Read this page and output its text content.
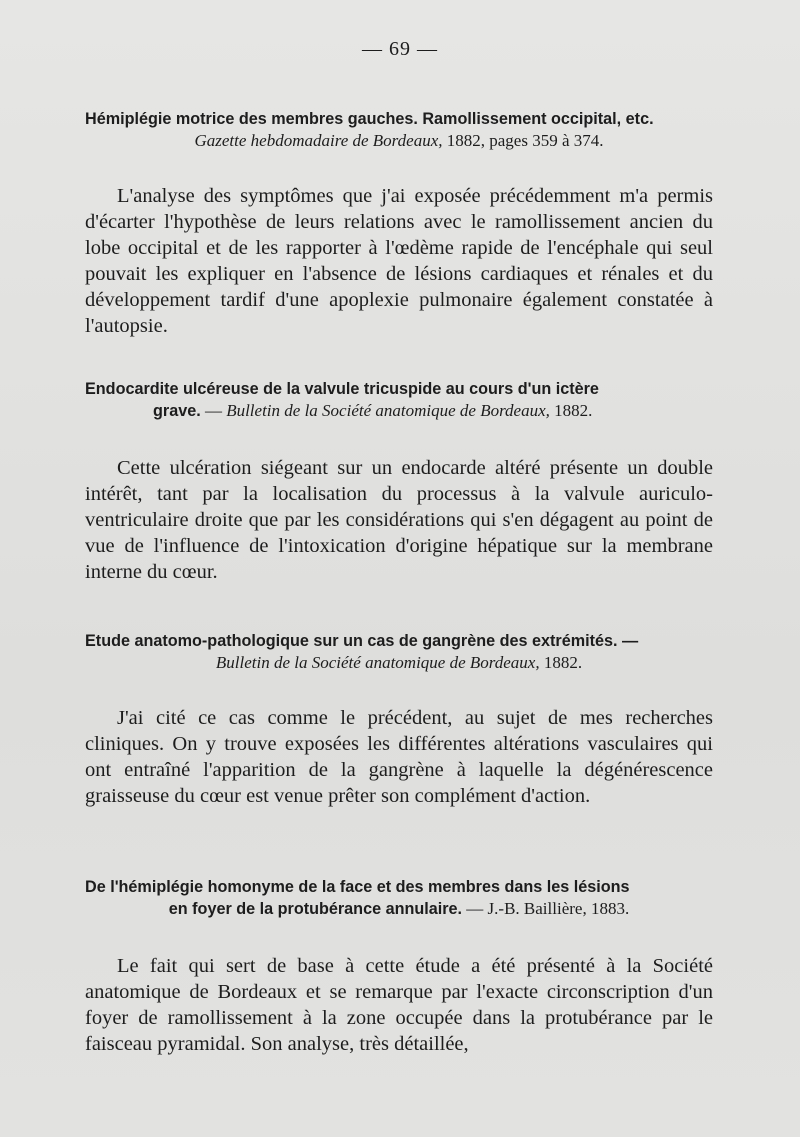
— 69 —

Hémiplégie motrice des membres gauches. Ramollissement occipital, etc.

Gazette hebdomadaire de Bordeaux, 1882, pages 359 à 374.

L'analyse des symptômes que j'ai exposée précédemment m'a permis d'écarter l'hypothèse de leurs relations avec le ramollissement ancien du lobe occipital et de les rapporter à l'œdème rapide de l'encéphale qui seul pouvait les expliquer en l'absence de lésions cardiaques et rénales et du développement tardif d'une apoplexie pulmonaire également constatée à l'autopsie.

Endocardite ulcéreuse de la valvule tricuspide au cours d'un ictère

grave. — Bulletin de la Société anatomique de Bordeaux, 1882.

Cette ulcération siégeant sur un endocarde altéré présente un double intérêt, tant par la localisation du processus à la valvule auriculo-ventriculaire droite que par les considérations qui s'en dégagent au point de vue de l'influence de l'intoxication d'origine hépatique sur la membrane interne du cœur.

Etude anatomo-pathologique sur un cas de gangrène des extrémités. —

Bulletin de la Société anatomique de Bordeaux, 1882.

J'ai cité ce cas comme le précédent, au sujet de mes recherches cliniques. On y trouve exposées les différentes altérations vasculaires qui ont entraîné l'apparition de la gangrène à laquelle la dégénérescence graisseuse du cœur est venue prêter son complément d'action.

De l'hémiplégie homonyme de la face et des membres dans les lésions

en foyer de la protubérance annulaire. — J.-B. Baillière, 1883.

Le fait qui sert de base à cette étude a été présenté à la Société anatomique de Bordeaux et se remarque par l'exacte circonscription d'un foyer de ramollissement à la zone occupée dans la protubérance par le faisceau pyramidal. Son analyse, très détaillée,
